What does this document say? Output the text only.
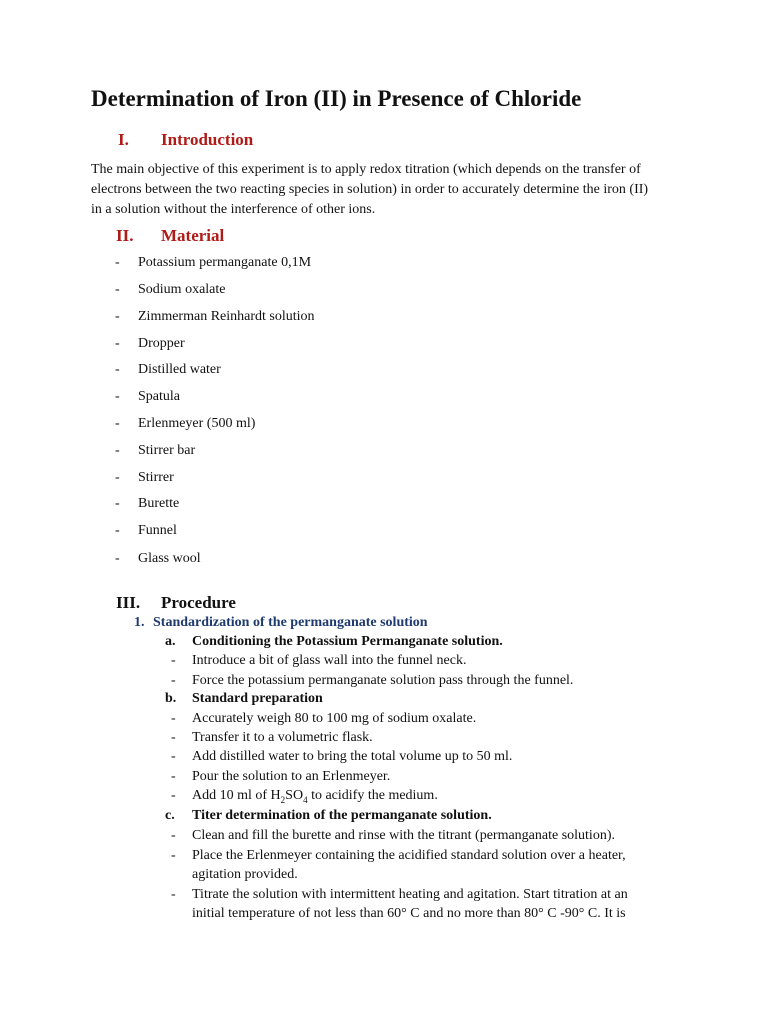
Determination of Iron (II) in Presence of Chloride
I. Introduction

The main objective of this experiment is to apply redox titration (which depends on the transfer of electrons between the two reacting species in solution) in order to accurately determine the iron (II) in a solution without the interference of other ions.

II. Material
- Potassium permanganate 0,1M
- Sodium oxalate
- Zimmerman Reinhardt solution
- Dropper
- Distilled water
- Spatula
- Erlenmeyer (500 ml)
- Stirrer bar
- Stirrer
- Burette
- Funnel
- Glass wool
III. Procedure
1. Standardization of the permanganate solution
a. Conditioning the Potassium Permanganate solution.
- Introduce a bit of glass wall into the funnel neck.
- Force the potassium permanganate solution pass through the funnel.
b. Standard preparation
- Accurately weigh 80 to 100 mg of sodium oxalate.
- Transfer it to a volumetric flask.
- Add distilled water to bring the total volume up to 50 ml.
- Pour the solution to an Erlenmeyer.
- Add 10 ml of $H_2SO_4$ to acidify the medium.
c. Titer determination of the permanganate solution.
- Clean and fill the burette and rinse with the titrant (permanganate solution).
- Place the Erlenmeyer containing the acidified standard solution over a heater,
agitation provided.
- Titrate the solution with intermittent heating and agitation. Start titration at an
initial temperature of not less than 60° C and no more than 80° C -90° C. It is
